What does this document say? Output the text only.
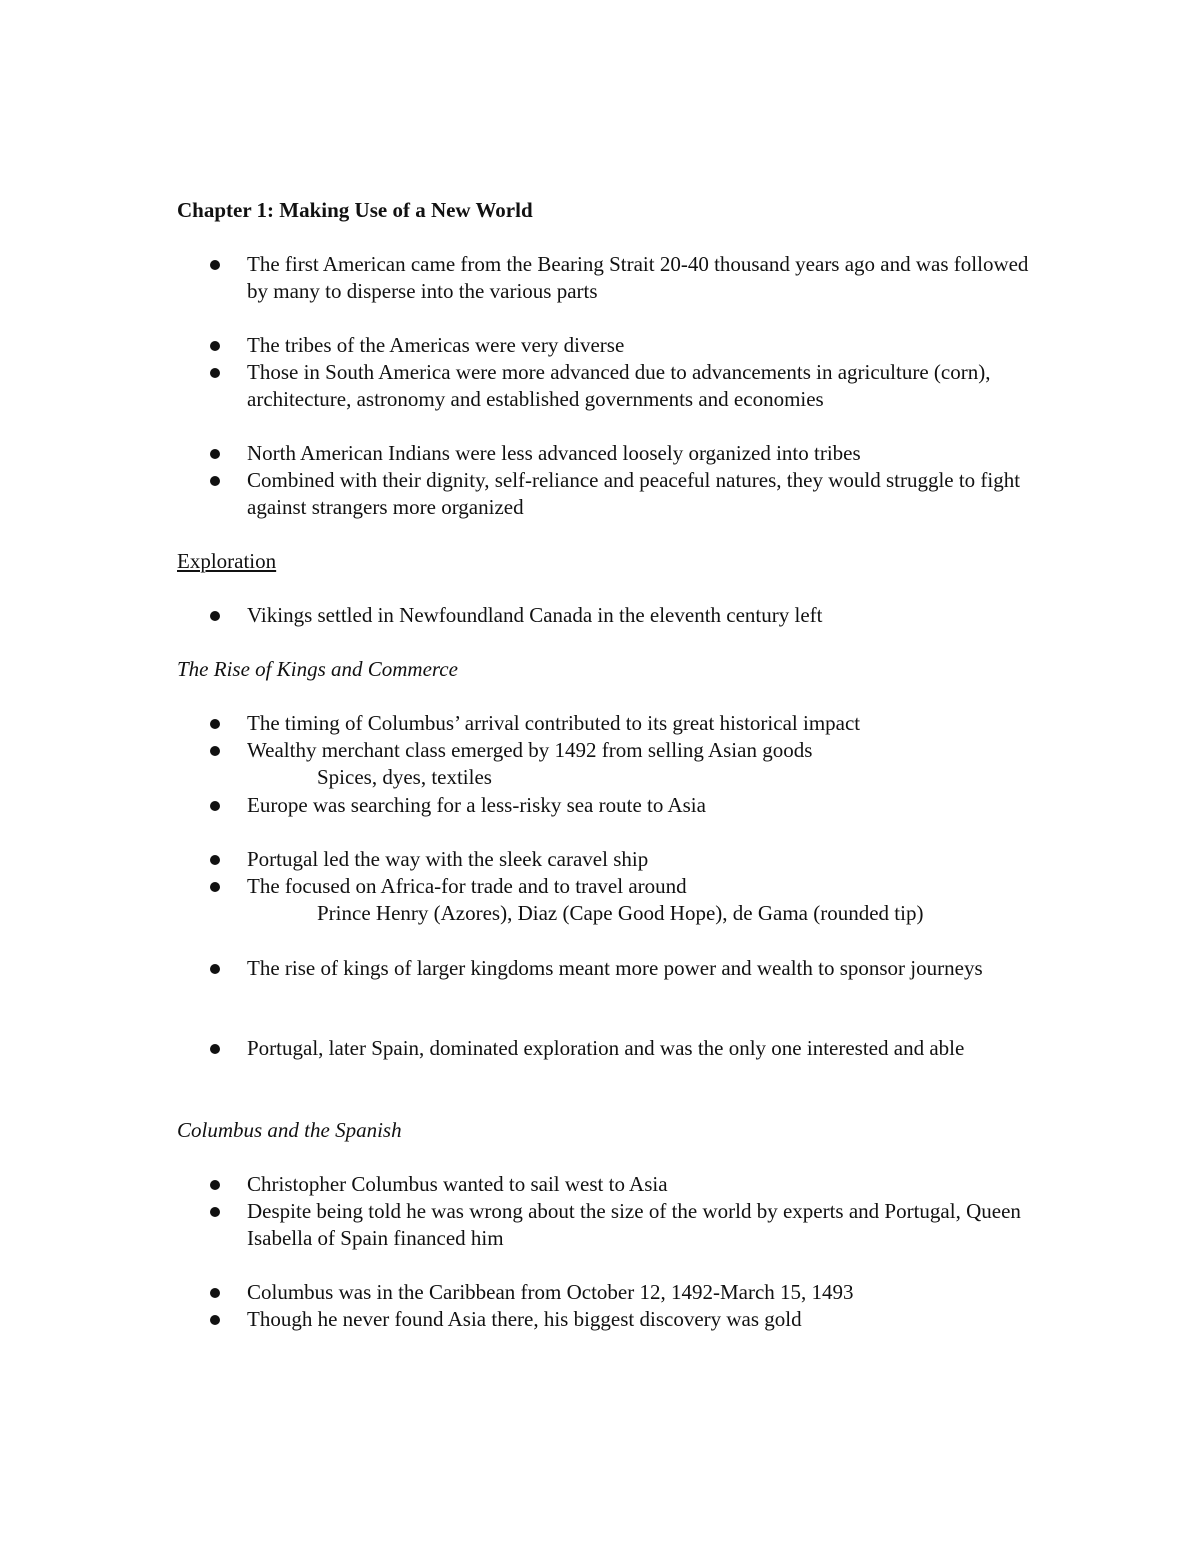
Chapter 1: Making Use of a New World
The first American came from the Bearing Strait 20-40 thousand years ago and was followed by many to disperse into the various parts
The tribes of the Americas were very diverse
Those in South America were more advanced due to advancements in agriculture (corn), architecture, astronomy and established governments and economies
North American Indians were less advanced loosely organized into tribes
Combined with their dignity, self-reliance and peaceful natures, they would struggle to fight against strangers more organized
Exploration
Vikings settled in Newfoundland Canada in the eleventh century left
The Rise of Kings and Commerce
The timing of Columbus’ arrival contributed to its great historical impact
Wealthy merchant class emerged by 1492 from selling Asian goods
Spices, dyes, textiles
Europe was searching for a less-risky sea route to Asia
Portugal led the way with the sleek caravel ship
The focused on Africa-for trade and to travel around
Prince Henry (Azores), Diaz (Cape Good Hope), de Gama (rounded tip)
The rise of kings of larger kingdoms meant more power and wealth to sponsor journeys
Portugal, later Spain, dominated exploration and was the only one interested and able
Columbus and the Spanish
Christopher Columbus wanted to sail west to Asia
Despite being told he was wrong about the size of the world by experts and Portugal, Queen Isabella of Spain financed him
Columbus was in the Caribbean from October 12, 1492-March 15, 1493
Though he never found Asia there, his biggest discovery was gold
